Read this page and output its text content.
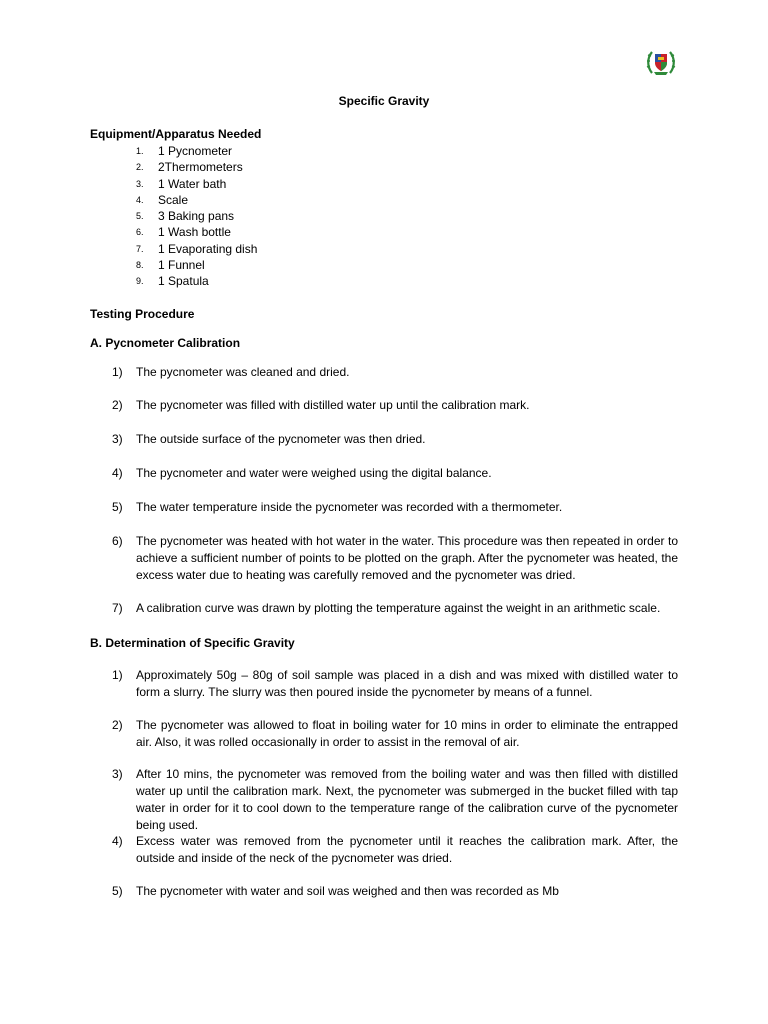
Specific Gravity
Equipment/Apparatus Needed
1.	1 Pycnometer
2.	2Thermometers
3.	1 Water bath
4.	Scale
5.	3 Baking pans
6.	1 Wash bottle
7.	1 Evaporating dish
8.	1 Funnel
9.	1 Spatula
Testing Procedure
A. Pycnometer Calibration
1) The pycnometer was cleaned and dried.
2) The pycnometer was filled with distilled water up until the calibration mark.
3) The outside surface of the pycnometer was then dried.
4) The pycnometer and water were weighed using the digital balance.
5) The water temperature inside the pycnometer was recorded with a thermometer.
6) The pycnometer was heated with hot water in the water. This procedure was then repeated in order to achieve a sufficient number of points to be plotted on the graph. After the pycnometer was heated, the excess water due to heating was carefully removed and the pycnometer was dried.
7) A calibration curve was drawn by plotting the temperature against the weight in an arithmetic scale.
B. Determination of Specific Gravity
1) Approximately 50g – 80g of soil sample was placed in a dish and was mixed with distilled water to form a slurry. The slurry was then poured inside the pycnometer by means of a funnel.
2) The pycnometer was allowed to float in boiling water for 10 mins in order to eliminate the entrapped air. Also, it was rolled occasionally in order to assist in the removal of air.
3) After 10 mins, the pycnometer was removed from the boiling water and was then filled with distilled water up until the calibration mark. Next, the pycnometer was submerged in the bucket filled with tap water in order for it to cool down to the temperature range of the calibration curve of the pycnometer being used.
4) Excess water was removed from the pycnometer until it reaches the calibration mark. After, the outside and inside of the neck of the pycnometer was dried.
5) The pycnometer with water and soil was weighed and then was recorded as Mb
